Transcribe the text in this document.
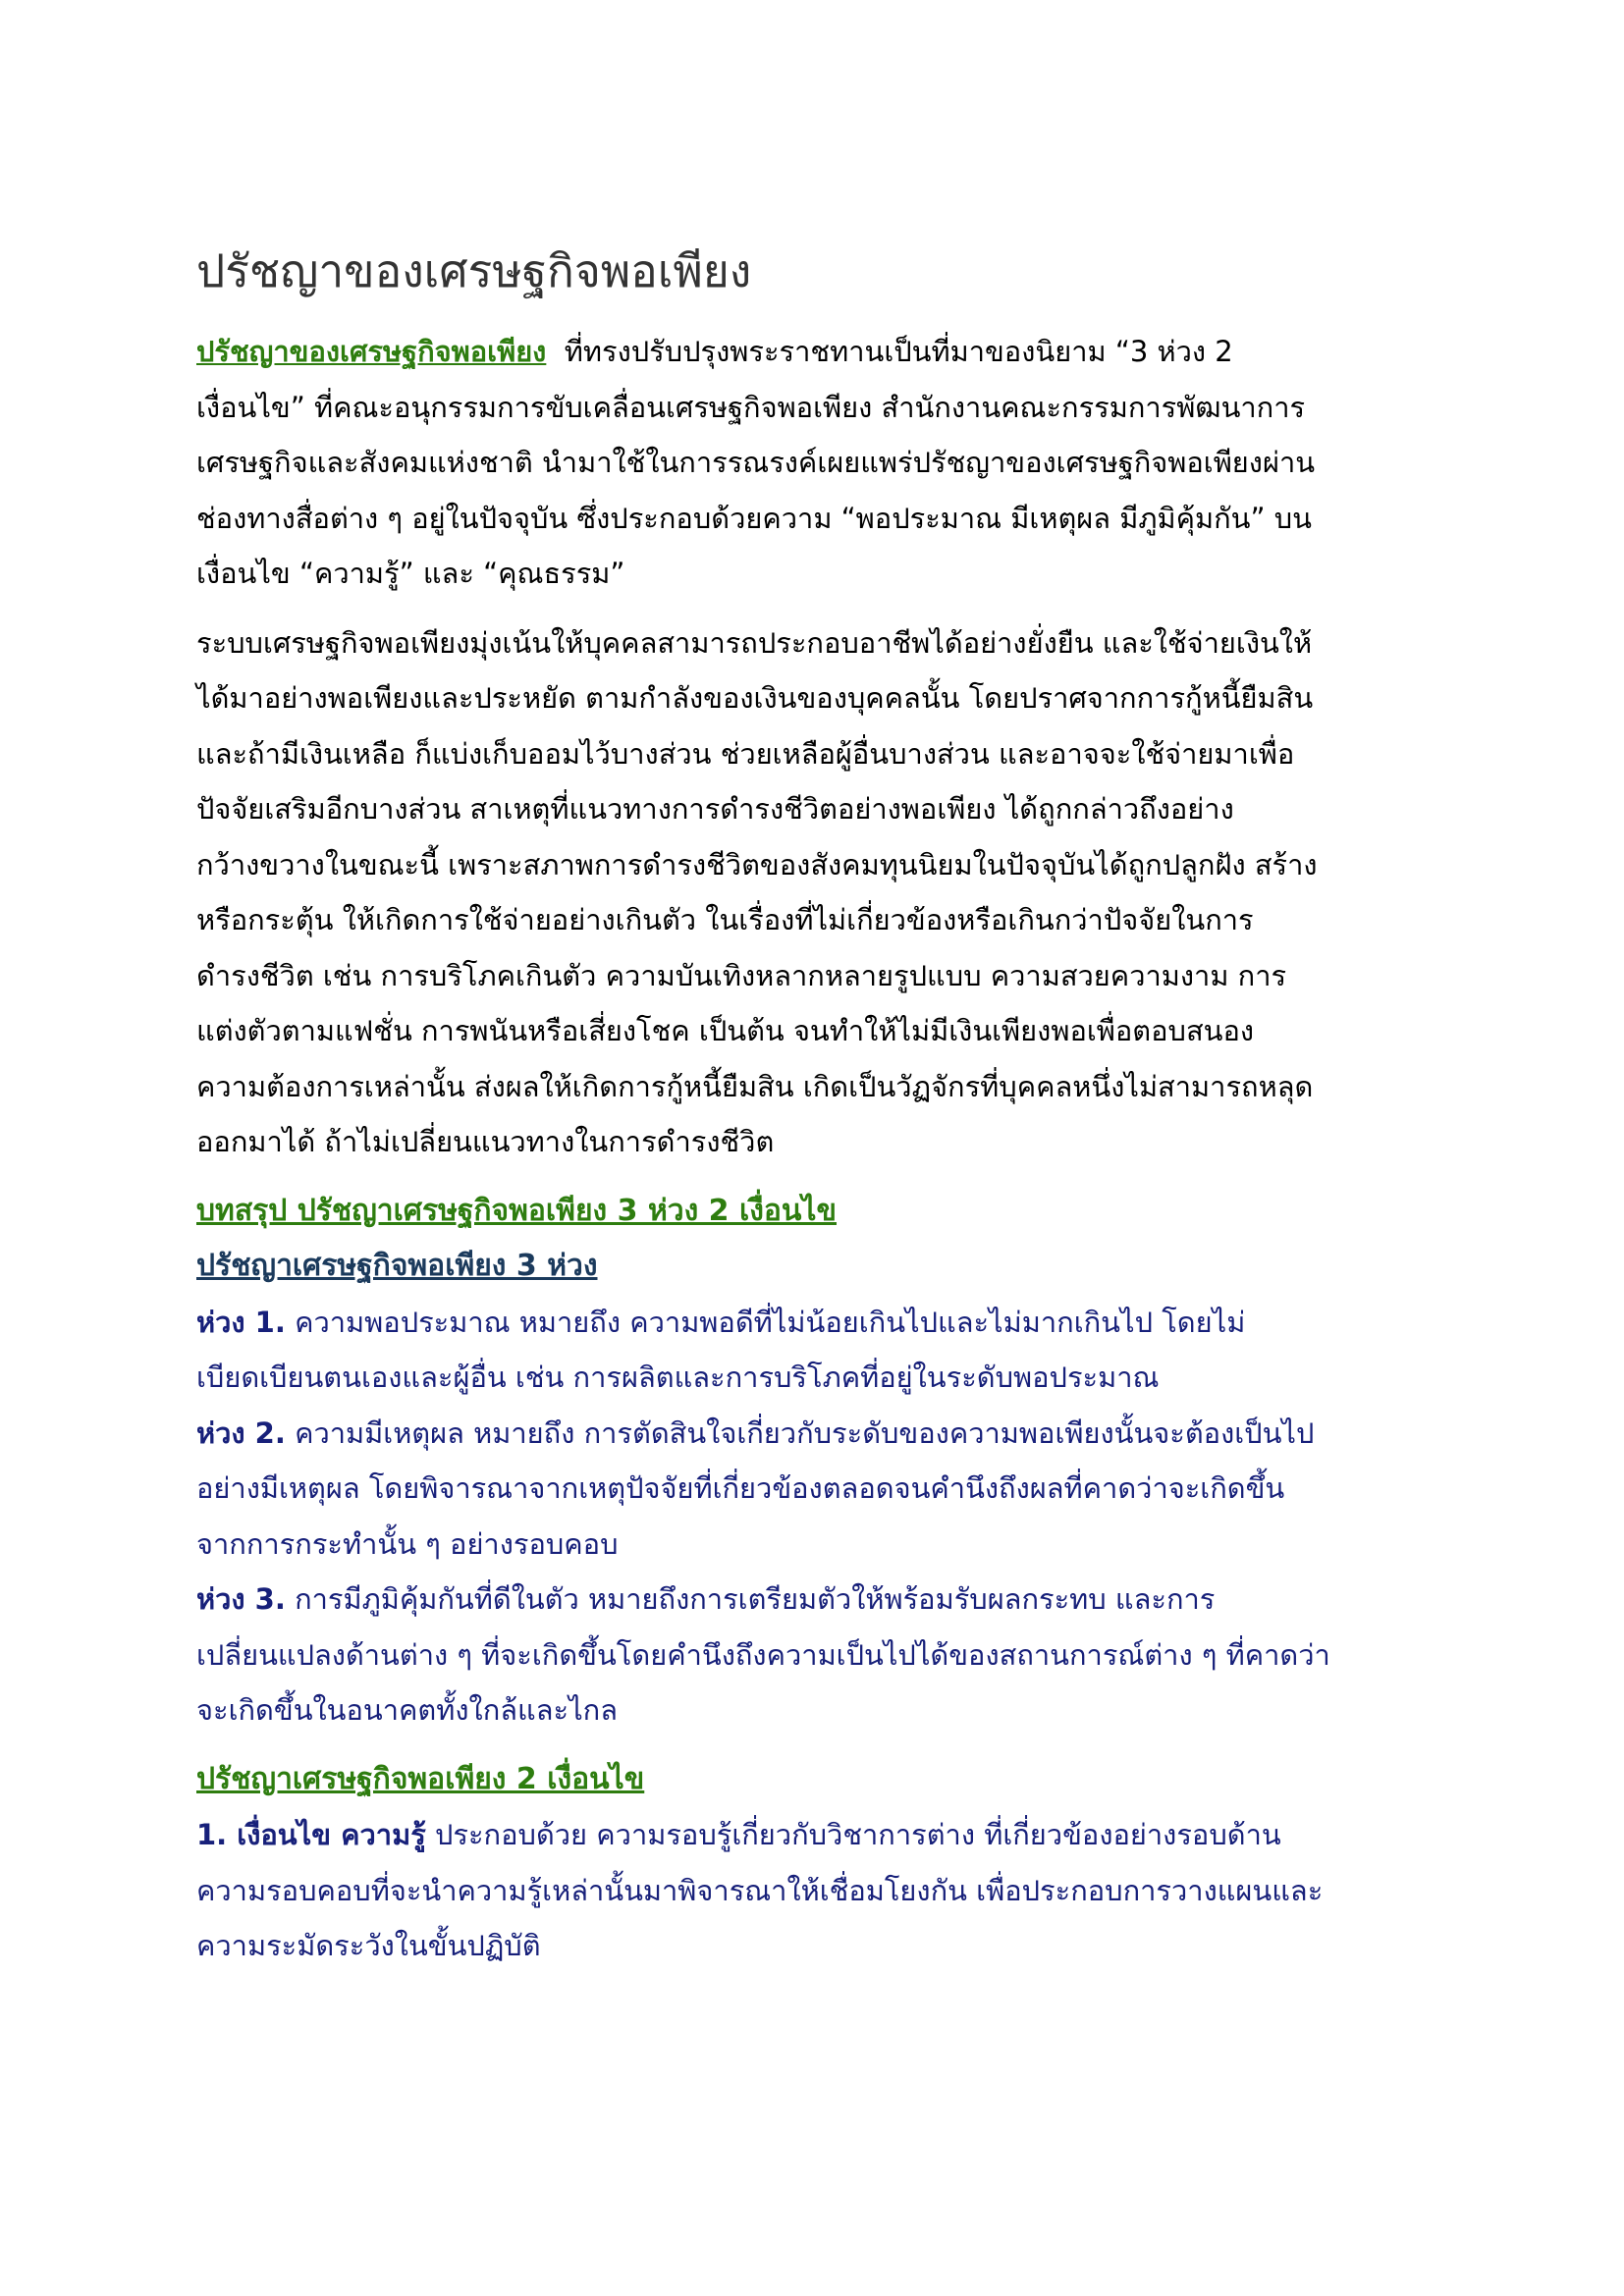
ปรัชญาของเศรษฐกิจพอเพียง

ปรัชญาของเศรษฐกิจพอเพียง  ที่ทรงปรับปรุงพระราชทานเป็นที่มาของนิยาม “3 ห่วง 2
เงื่อนไข” ที่คณะอนุกรรมการขับเคลื่อนเศรษฐกิจพอเพียง สำนักงานคณะกรรมการพัฒนาการ
เศรษฐกิจและสังคมแห่งชาติ นำมาใช้ในการรณรงค์เผยแพร่ปรัชญาของเศรษฐกิจพอเพียงผ่าน
ช่องทางสื่อต่าง ๆ อยู่ในปัจจุบัน ซึ่งประกอบด้วยความ “พอประมาณ มีเหตุผล มีภูมิคุ้มกัน” บน
เงื่อนไข “ความรู้” และ “คุณธรรม”

ระบบเศรษฐกิจพอเพียงมุ่งเน้นให้บุคคลสามารถประกอบอาชีพได้อย่างยั่งยืน และใช้จ่ายเงินให้
ได้มาอย่างพอเพียงและประหยัด ตามกำลังของเงินของบุคคลนั้น โดยปราศจากการกู้หนี้ยืมสิน
และถ้ามีเงินเหลือ ก็แบ่งเก็บออมไว้บางส่วน ช่วยเหลือผู้อื่นบางส่วน และอาจจะใช้จ่ายมาเพื่อ
ปัจจัยเสริมอีกบางส่วน สาเหตุที่แนวทางการดำรงชีวิตอย่างพอเพียง ได้ถูกกล่าวถึงอย่าง
กว้างขวางในขณะนี้ เพราะสภาพการดำรงชีวิตของสังคมทุนนิยมในปัจจุบันได้ถูกปลูกฝัง สร้าง
หรือกระตุ้น ให้เกิดการใช้จ่ายอย่างเกินตัว ในเรื่องที่ไม่เกี่ยวข้องหรือเกินกว่าปัจจัยในการ
ดำรงชีวิต เช่น การบริโภคเกินตัว ความบันเทิงหลากหลายรูปแบบ ความสวยความงาม การ
แต่งตัวตามแฟชั่น การพนันหรือเสี่ยงโชค เป็นต้น จนทำให้ไม่มีเงินเพียงพอเพื่อตอบสนอง
ความต้องการเหล่านั้น ส่งผลให้เกิดการกู้หนี้ยืมสิน เกิดเป็นวัฏจักรที่บุคคลหนึ่งไม่สามารถหลุด
ออกมาได้ ถ้าไม่เปลี่ยนแนวทางในการดำรงชีวิต

บทสรุป ปรัชญาเศรษฐกิจพอเพียง 3 ห่วง 2 เงื่อนไข

ปรัชญาเศรษฐกิจพอเพียง 3 ห่วง

ห่วง 1. ความพอประมาณ หมายถึง ความพอดีที่ไม่น้อยเกินไปและไม่มากเกินไป โดยไม่
เบียดเบียนตนเองและผู้อื่น เช่น การผลิตและการบริโภคที่อยู่ในระดับพอประมาณ

ห่วง 2. ความมีเหตุผล หมายถึง การตัดสินใจเกี่ยวกับระดับของความพอเพียงนั้นจะต้องเป็นไป
อย่างมีเหตุผล โดยพิจารณาจากเหตุปัจจัยที่เกี่ยวข้องตลอดจนคำนึงถึงผลที่คาดว่าจะเกิดขึ้น
จากการกระทำนั้น ๆ อย่างรอบคอบ

ห่วง 3. การมีภูมิคุ้มกันที่ดีในตัว หมายถึงการเตรียมตัวให้พร้อมรับผลกระทบ และการ
เปลี่ยนแปลงด้านต่าง ๆ ที่จะเกิดขึ้นโดยคำนึงถึงความเป็นไปได้ของสถานการณ์ต่าง ๆ ที่คาดว่า
จะเกิดขึ้นในอนาคตทั้งใกล้และไกล

ปรัชญาเศรษฐกิจพอเพียง 2 เงื่อนไข

1. เงื่อนไข ความรู้ ประกอบด้วย ความรอบรู้เกี่ยวกับวิชาการต่าง ที่เกี่ยวข้องอย่างรอบด้าน
ความรอบคอบที่จะนำความรู้เหล่านั้นมาพิจารณาให้เชื่อมโยงกัน เพื่อประกอบการวางแผนและ
ความระมัดระวังในขั้นปฏิบัติ
